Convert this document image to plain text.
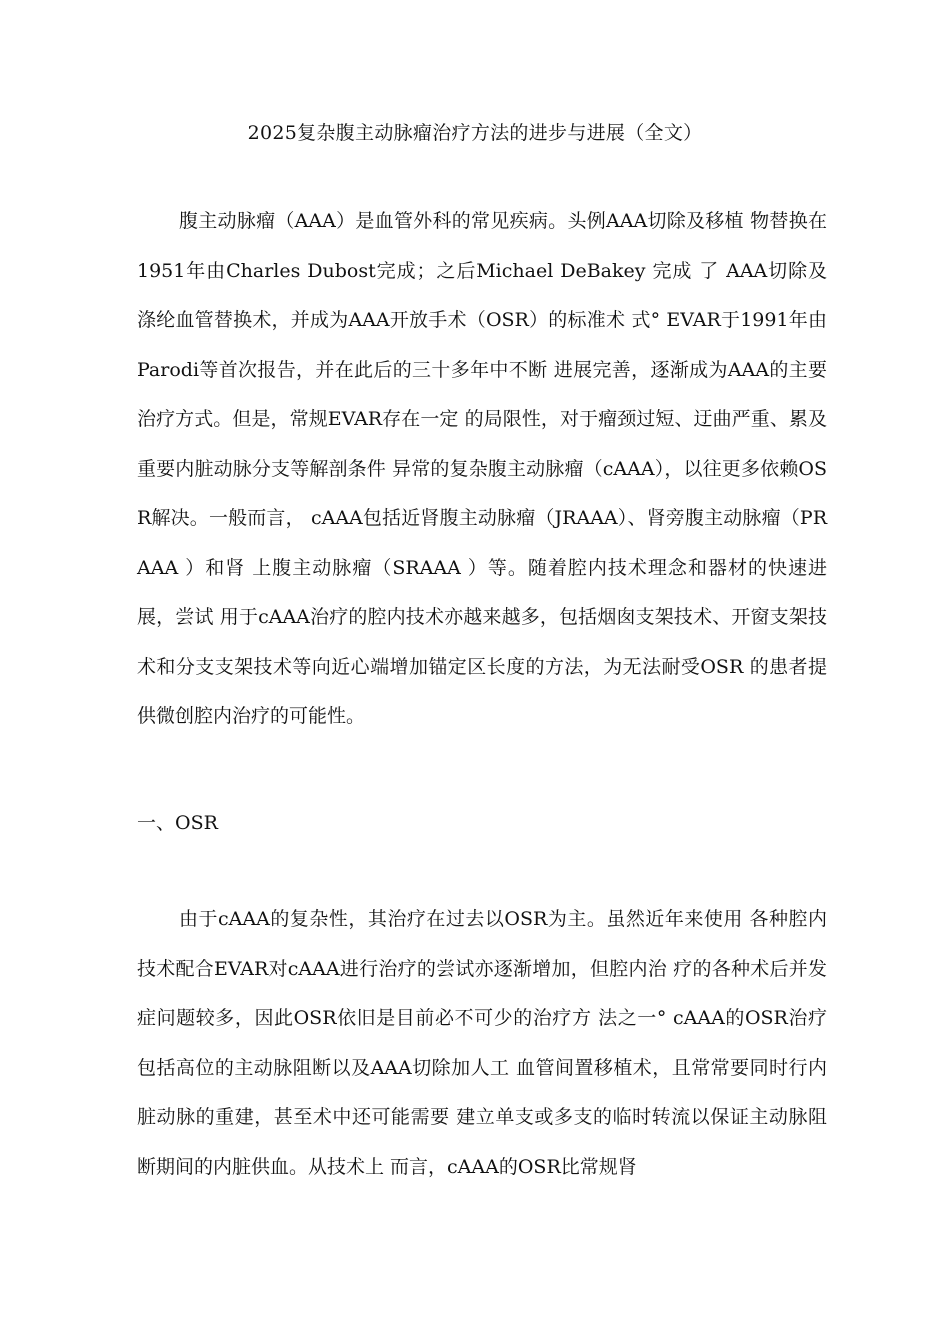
2025复杂腹主动脉瘤治疗方法的进步与进展（全文）
腹主动脉瘤（AAA）是血管外科的常见疾病。头例AAA切除及移植 物替换在1951年由Charles Dubost完成；之后Michael DeBakey 完成 了 AAA切除及涤纶血管替换术，并成为AAA开放手术（OSR）的标准术 式° EVAR于1991年由Parodi等首次报告，并在此后的三十多年中不断 进展完善，逐渐成为AAA的主要治疗方式。但是，常规EVAR存在一定 的局限性，对于瘤颈过短、迂曲严重、累及重要内脏动脉分支等解剖条件 异常的复杂腹主动脉瘤（cAAA），以往更多依赖OSR解决。一般而言， cAAA包括近肾腹主动脉瘤（JRAAA）、肾旁腹主动脉瘤（PRAAA ）和肾 上腹主动脉瘤（SRAAA ）等。随着腔内技术理念和器材的快速进展，尝试 用于cAAA治疗的腔内技术亦越来越多，包括烟囱支架技术、开窗支架技 术和分支支架技术等向近心端增加锚定区长度的方法，为无法耐受OSR 的患者提供微创腔内治疗的可能性。
一、OSR
由于cAAA的复杂性，其治疗在过去以OSR为主。虽然近年来使用 各种腔内技术配合EVAR对cAAA进行治疗的尝试亦逐渐增加，但腔内治 疗的各种术后并发症问题较多，因此OSR依旧是目前必不可少的治疗方 法之一° cAAA的OSR治疗包括高位的主动脉阻断以及AAA切除加人工 血管间置移植术，且常常要同时行内脏动脉的重建，甚至术中还可能需要 建立单支或多支的临时转流以保证主动脉阻断期间的内脏供血。从技术上 而言，cAAA的OSR比常规肾
